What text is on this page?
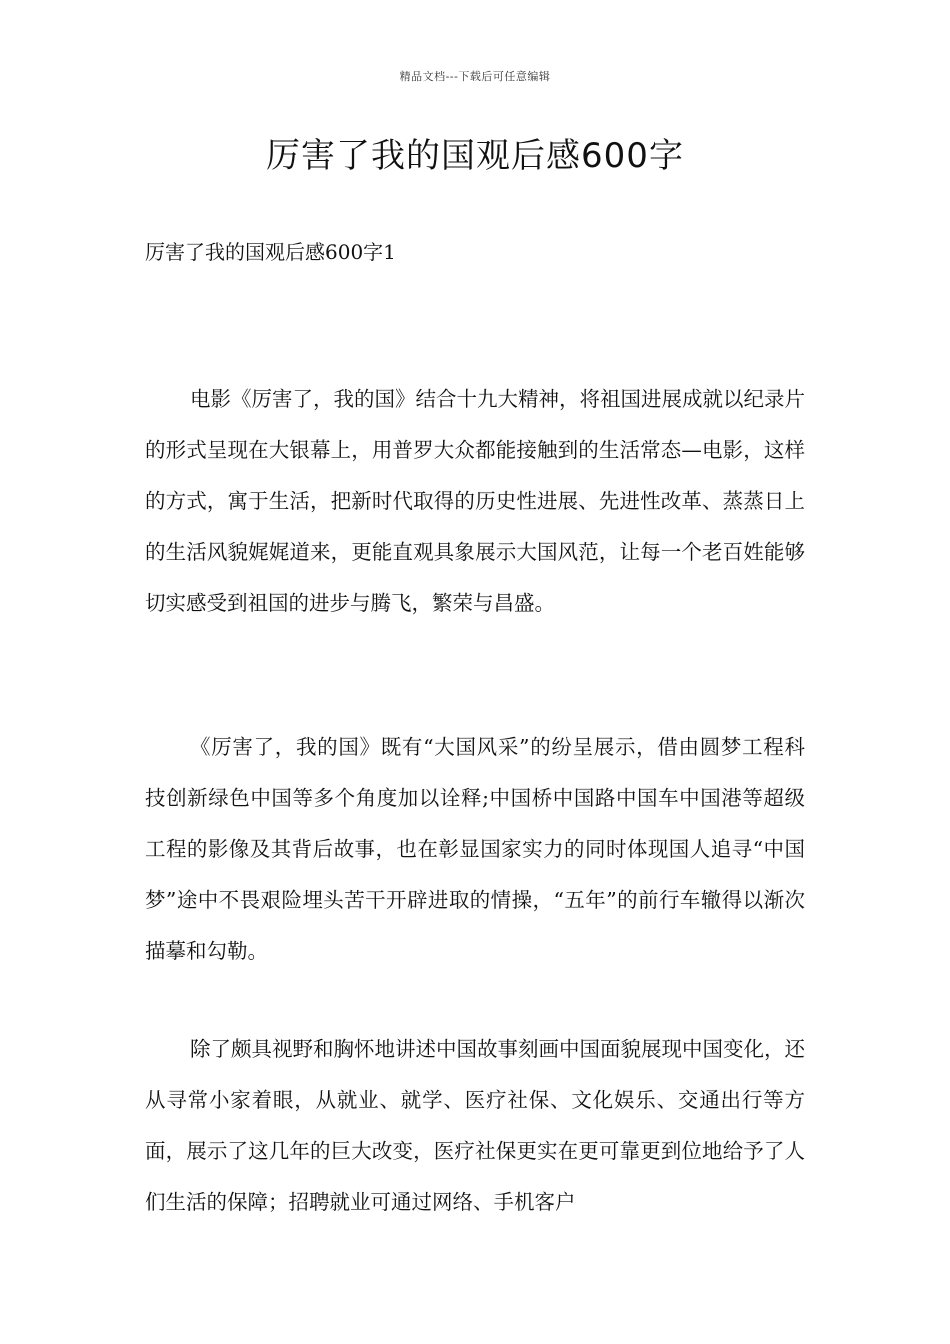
精品文档---下载后可任意编辑
厉害了我的国观后感600字
厉害了我的国观后感600字1

电影《厉害了，我的国》结合十九大精神，将祖国进展成就以纪录片的形式呈现在大银幕上，用普罗大众都能接触到的生活常态—电影，这样的方式，寓于生活，把新时代取得的历史性进展、先进性改革、蒸蒸日上的生活风貌娓娓道来，更能直观具象展示大国风范，让每一个老百姓能够切实感受到祖国的进步与腾飞，繁荣与昌盛。

《厉害了，我的国》既有“大国风采”的纷呈展示，借由圆梦工程科技创新绿色中国等多个角度加以诠释;中国桥中国路中国车中国港等超级工程的影像及其背后故事，也在彰显国家实力的同时体现国人追寻“中国梦”途中不畏艰险埋头苦干开辟进取的情操，“五年”的前行车辙得以渐次描摹和勾勒。

除了颇具视野和胸怀地讲述中国故事刻画中国面貌展现中国变化，还从寻常小家着眼，从就业、就学、医疗社保、文化娱乐、交通出行等方面，展示了这几年的巨大改变，医疗社保更实在更可靠更到位地给予了人们生活的保障；招聘就业可通过网络、手机客户
